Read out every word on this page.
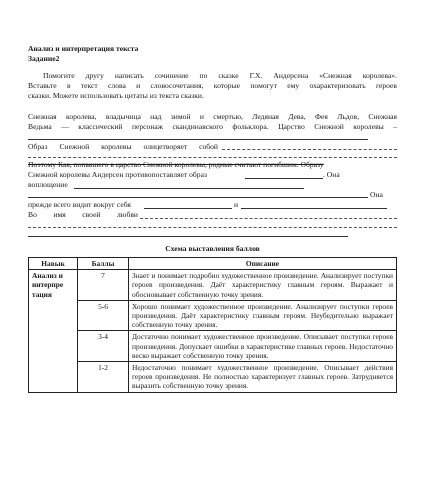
Анализ и интерпретация текста
Задание2
Помогите другу написать сочинение по сказке Г.Х. Андерсена «Снежная королева».
Вставьте в текст слова и словосочетания, которые помогут ему охарактеризовать героев
сказки. Можете использовать цитаты из текста сказки.
Снежная королева, владычица над зимой и смертью, Ледяная Дева, Фея Льдов, Снежная
Ведьма — классический персонаж скандинавского фольклора. Царство Снежной королевы –
Образ Снежной королевы олицетворяет собой
Поэтому Кая, попавшего в царство Снежной королевы, родные считают погибшим. Образу
Снежной королевы Андерсен противопоставляет образ	. Она
воплощение
Она
прежде всего видит вокруг себя	и
Во имя своей любви
Схема выставления баллов
Навык	Баллы	Описание
Анализ и интерпре тация	7	Знает и понимает подробно художественное произведение. Анализирует поступки героев произведения. Даёт характеристику главным героям. Выражает и обосновывает собственную точку зрения.
	5-6	Хорошо понимает художественное произведение. Анализирует поступки героев произведения. Даёт характеристику главным героям. Неубедительно выражает собственную точку зрения.
	3-4	Достаточно понимает художественное произведение. Описывает поступки героев произведения. Допускает ошибки в характеристике главных героев. Недостаточно веско выражает собственную точку зрения.
	1-2	Недостаточно понимает художественное произведение. Описывает действия героев произведения. Не полностью характеризует главных героев. Затрудняется выразить собственную точку зрения.
